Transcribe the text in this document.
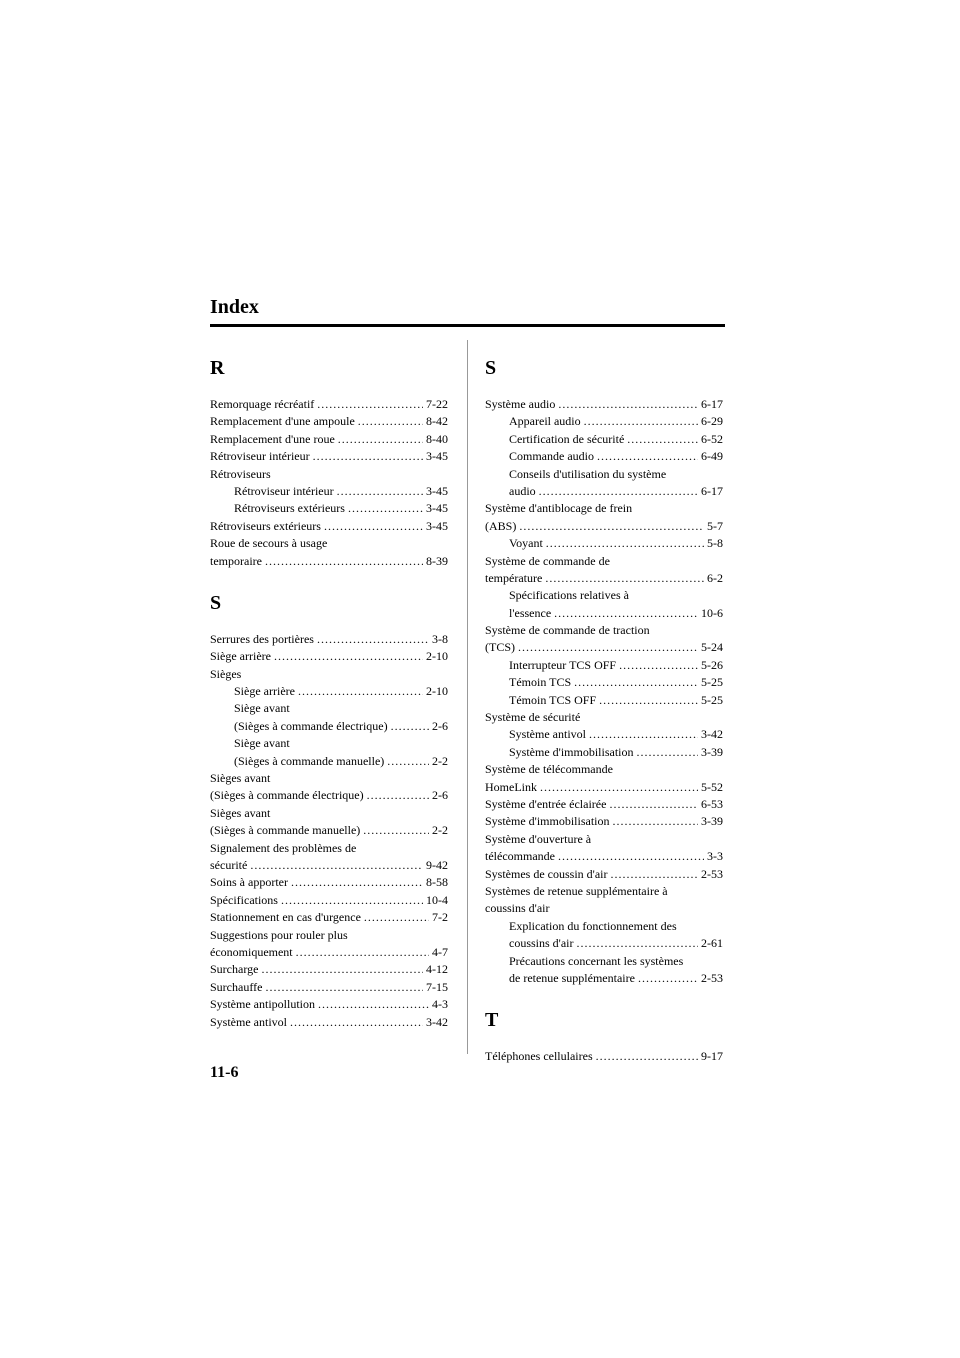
Index
R
Remorquage récréatif .....	7-22
Remplacement d'une ampoule .....	8-42
Remplacement d'une roue .....	8-40
Rétroviseur intérieur .....	3-45
Rétroviseurs
Rétroviseur intérieur .....	3-45
Rétroviseurs extérieurs .....	3-45
Rétroviseurs extérieurs .....	3-45
Roue de secours à usage
temporaire .....	8-39
S
Serrures des portières .....	3-8
Siège arrière .....	2-10
Sièges
Siège arrière .....	2-10
Siège avant
(Sièges à commande électrique) .....	2-6
Siège avant
(Sièges à commande manuelle) .....	2-2
Sièges avant
(Sièges à commande électrique) .....	2-6
Sièges avant
(Sièges à commande manuelle) .....	2-2
Signalement des problèmes de
sécurité .....	9-42
Soins à apporter .....	8-58
Spécifications .....	10-4
Stationnement en cas d'urgence .....	7-2
Suggestions pour rouler plus
économiquement .....	4-7
Surcharge .....	4-12
Surchauffe .....	7-15
Système antipollution .....	4-3
Système antivol .....	3-42
S
Système audio .....	6-17
Appareil audio .....	6-29
Certification de sécurité .....	6-52
Commande audio .....	6-49
Conseils d'utilisation du système
audio .....	6-17
Système d'antiblocage de frein
(ABS) .....	5-7
Voyant .....	5-8
Système de commande de
température .....	6-2
Spécifications relatives à
l'essence .....	10-6
Système de commande de traction
(TCS) .....	5-24
Interrupteur TCS OFF .....	5-26
Témoin TCS .....	5-25
Témoin TCS OFF .....	5-25
Système de sécurité
Système antivol .....	3-42
Système d'immobilisation .....	3-39
Système de télécommande
HomeLink .....	5-52
Système d'entrée éclairée .....	6-53
Système d'immobilisation .....	3-39
Système d'ouverture à
télécommande .....	3-3
Systèmes de coussin d'air .....	2-53
Systèmes de retenue supplémentaire à
coussins d'air
Explication du fonctionnement des
coussins d'air .....	2-61
Précautions concernant les systèmes
de retenue supplémentaire .....	2-53
T
Téléphones cellulaires .....	9-17
11-6
